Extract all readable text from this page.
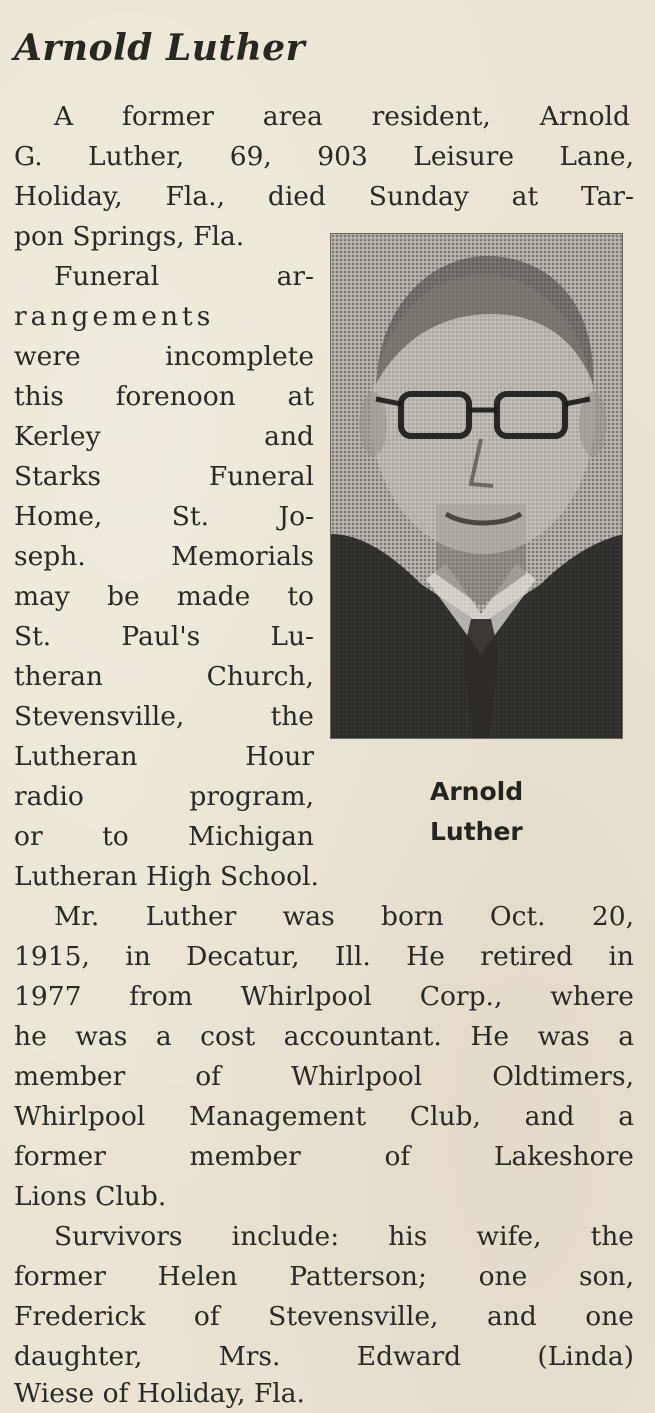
Arnold Luther
A former area resident, Arnold
G. Luther, 69, 903 Leisure Lane,
Holiday, Fla., died Sunday at Tar-
pon Springs, Fla.
Funeral ar-
rangements
were incomplete
this forenoon at
Kerley and
Starks Funeral
Home, St. Jo-
seph. Memorials
may be made to
St. Paul's Lu-
theran Church,
Stevensville, the
Lutheran Hour
radio program,
or to Michigan
Lutheran High School.
Arnold
Luther
Mr. Luther was born Oct. 20,
1915, in Decatur, Ill. He retired in
1977 from Whirlpool Corp., where
he was a cost accountant. He was a
member of Whirlpool Oldtimers,
Whirlpool Management Club, and a
former member of Lakeshore
Lions Club.
Survivors include: his wife, the
former Helen Patterson; one son,
Frederick of Stevensville, and one
daughter, Mrs. Edward (Linda)
Wiese of Holiday, Fla.
